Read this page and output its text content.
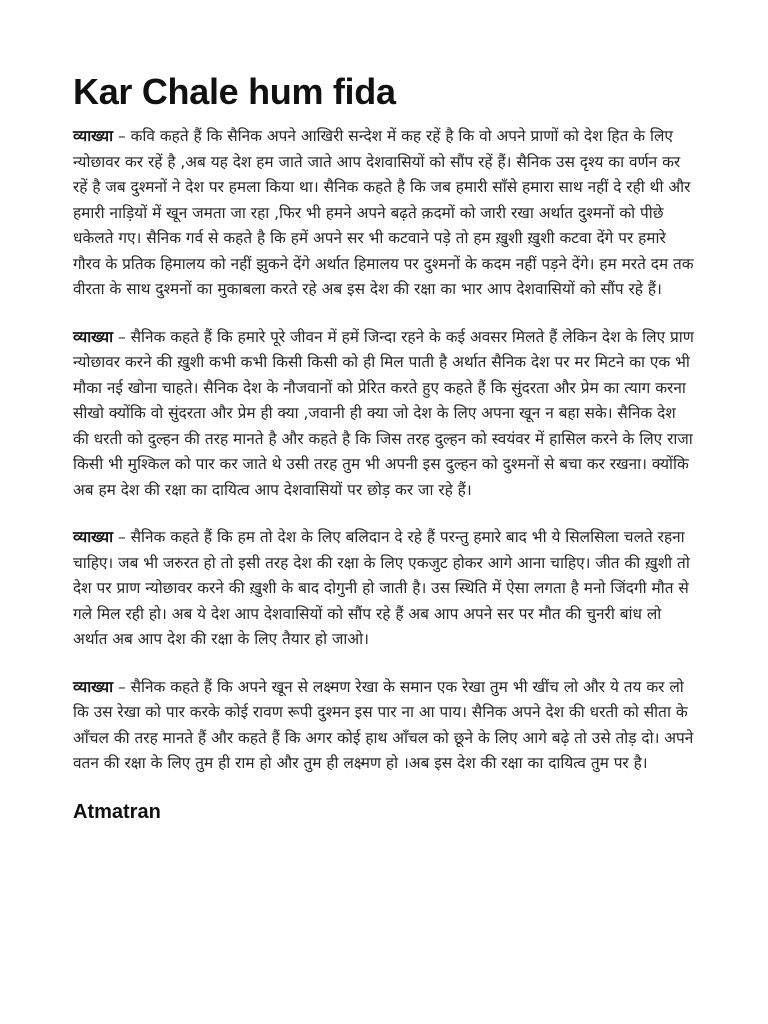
Kar Chale hum fida

व्याख्या – कवि कहते हैं कि सैनिक अपने आखिरी सन्देश में कह रहें है कि वो अपने प्राणों को देश हित के लिए न्योछावर कर रहें है ,अब यह देश हम जाते जाते आप देशवासियों को सौंप रहें हैं। सैनिक उस दृश्य का वर्णन कर रहें है जब दुश्मनों ने देश पर हमला किया था। सैनिक कहते है कि जब हमारी साँसे हमारा साथ नहीं दे रही थी और हमारी नाड़ियों में खून जमता जा रहा ,फिर भी हमने अपने बढ़ते क़दमों को जारी रखा अर्थात दुश्मनों को पीछे धकेलते गए। सैनिक गर्व से कहते है कि हमें अपने सर भी कटवाने पड़े तो हम ख़ुशी ख़ुशी कटवा देंगे पर हमारे गौरव के प्रतिक हिमालय को नहीं झुकने देंगे अर्थात हिमालय पर दुश्मनों के कदम नहीं पड़ने देंगे। हम मरते दम तक वीरता के साथ दुश्मनों का मुकाबला करते रहे अब इस देश की रक्षा का भार आप देशवासियों को सौंप रहे हैं।

व्याख्या – सैनिक कहते हैं कि हमारे पूरे जीवन में हमें जिन्दा रहने के कई अवसर मिलते हैं लेकिन देश के लिए प्राण न्योछावर करने की ख़ुशी कभी कभी किसी किसी को ही मिल पाती है अर्थात सैनिक देश पर मर मिटने का एक भी मौका नई खोना चाहते। सैनिक देश के नौजवानों को प्रेरित करते हुए कहते हैं कि सुंदरता और प्रेम का त्याग करना सीखो क्योंकि वो सुंदरता और प्रेम ही क्या ,जवानी ही क्या जो देश के लिए अपना खून न बहा सके। सैनिक देश की धरती को दुल्हन की तरह मानते है और कहते है कि जिस तरह दुल्हन को स्वयंवर में हासिल करने के लिए राजा किसी भी मुश्किल को पार कर जाते थे उसी तरह तुम भी अपनी इस दुल्हन को दुश्मनों से बचा कर रखना। क्योंकि अब हम देश की रक्षा का दायित्व आप देशवासियों पर छोड़ कर जा रहे हैं।

व्याख्या – सैनिक कहते हैं कि हम तो देश के लिए बलिदान दे रहे हैं परन्तु हमारे बाद भी ये सिलसिला चलते रहना चाहिए। जब भी जरुरत हो तो इसी तरह देश की रक्षा के लिए एकजुट होकर आगे आना चाहिए। जीत की ख़ुशी तो देश पर प्राण न्योछावर करने की ख़ुशी के बाद दोगुनी हो जाती है। उस स्थिति में ऐसा लगता है मनो जिंदगी मौत से गले मिल रही हो। अब ये देश आप देशवासियों को सौंप रहे हैं अब आप अपने सर पर मौत की चुनरी बांध लो अर्थात अब आप देश की रक्षा के लिए तैयार हो जाओ।

व्याख्या – सैनिक कहते हैं कि अपने खून से लक्ष्मण रेखा के समान एक रेखा तुम भी खींच लो और ये तय कर लो कि उस रेखा को पार करके कोई रावण रूपी दुश्मन इस पार ना आ पाय। सैनिक अपने देश की धरती को सीता के आँचल की तरह मानते हैं और कहते हैं कि अगर कोई हाथ आँचल को छूने के लिए आगे बढ़े तो उसे तोड़ दो। अपने वतन की रक्षा के लिए तुम ही राम हो और तुम ही लक्ष्मण हो ।अब इस देश की रक्षा का दायित्व तुम पर है।

Atmatran
